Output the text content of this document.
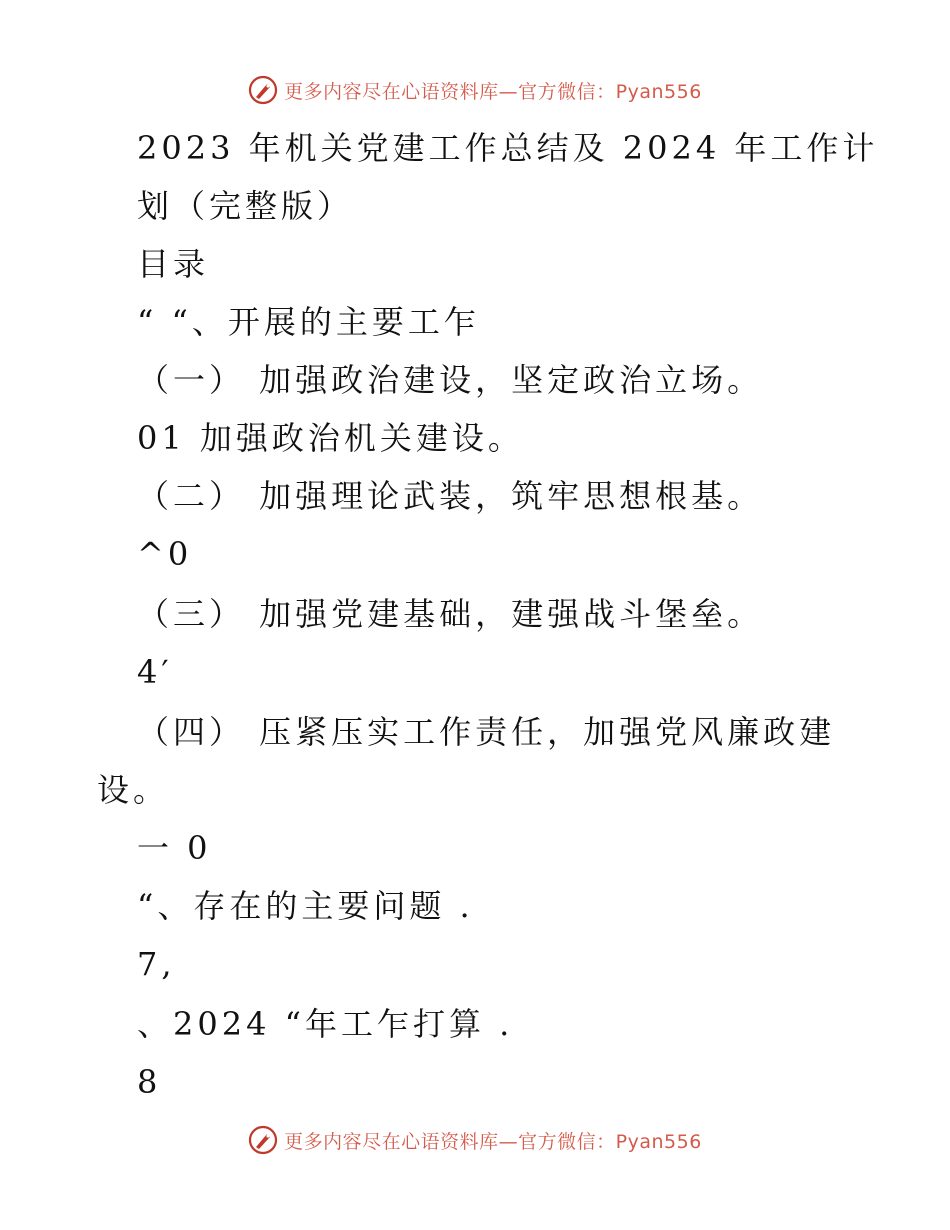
更多内容尽在心语资料库—官方微信：Pyan556
2023 年机关党建工作总结及 2024 年工作计
划（完整版）
目录
“ “、开展的主要工乍
（一） 加强政治建设，坚定政治立场。
01 加强政治机关建设。
（二） 加强理论武装，筑牢思想根基。
^0
（三） 加强党建基础，建强战斗堡垒。
4′
（四） 压紧压实工作责任，加强党风廉政建
设。
一 0
“、存在的主要问题 .
7,
、2024 “年工乍打算 .
8
更多内容尽在心语资料库—官方微信：Pyan556
